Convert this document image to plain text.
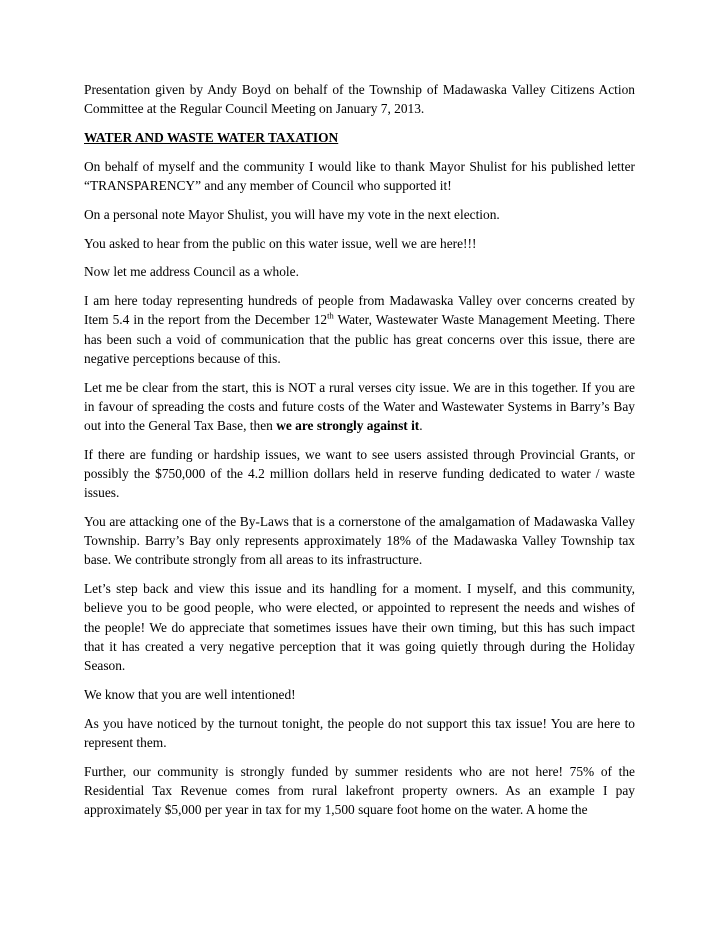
Presentation given by Andy Boyd on behalf of the Township of Madawaska Valley Citizens Action Committee at the Regular Council Meeting on January 7, 2013.

WATER AND WASTE WATER TAXATION

On behalf of myself and the community I would like to thank Mayor Shulist for his published letter “TRANSPARENCY” and any member of Council who supported it!

On a personal note Mayor Shulist, you will have my vote in the next election.

You asked to hear from the public on this water issue, well we are here!!!

Now let me address Council as a whole.

I am here today representing hundreds of people from Madawaska Valley over concerns created by Item 5.4 in the report from the December 12th Water, Wastewater Waste Management Meeting. There has been such a void of communication that the public has great concerns over this issue, there are negative perceptions because of this.

Let me be clear from the start, this is NOT a rural verses city issue. We are in this together. If you are in favour of spreading the costs and future costs of the Water and Wastewater Systems in Barry’s Bay out into the General Tax Base, then we are strongly against it.

If there are funding or hardship issues, we want to see users assisted through Provincial Grants, or possibly the $750,000 of the 4.2 million dollars held in reserve funding dedicated to water / waste issues.

You are attacking one of the By-Laws that is a cornerstone of the amalgamation of Madawaska Valley Township. Barry’s Bay only represents approximately 18% of the Madawaska Valley Township tax base. We contribute strongly from all areas to its infrastructure.

Let’s step back and view this issue and its handling for a moment. I myself, and this community, believe you to be good people, who were elected, or appointed to represent the needs and wishes of the people! We do appreciate that sometimes issues have their own timing, but this has such impact that it has created a very negative perception that it was going quietly through during the Holiday Season.

We know that you are well intentioned!

As you have noticed by the turnout tonight, the people do not support this tax issue! You are here to represent them.

Further, our community is strongly funded by summer residents who are not here! 75% of the Residential Tax Revenue comes from rural lakefront property owners. As an example I pay approximately $5,000 per year in tax for my 1,500 square foot home on the water. A home the
